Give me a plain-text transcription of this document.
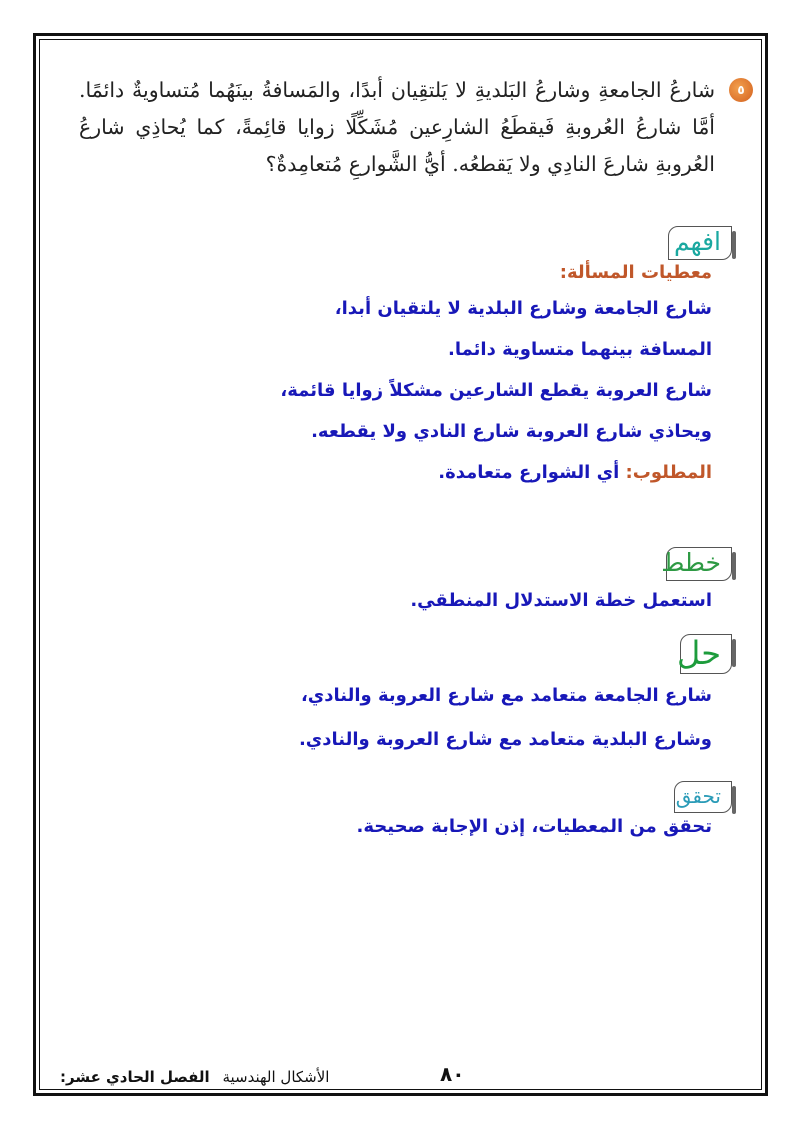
٥

شارعُ الجامعةِ وشارعُ البَلديةِ لا يَلتقِيان أبدًا، والمَسافةُ بينَهُما مُتساويةٌ دائمًا. أمَّا شارعُ العُروبةِ فَيقطَعُ الشارِعين مُشَكِّلًا زوايا قائِمةً، كما يُحاذِي شارعُ العُروبةِ شارعَ النادِي ولا يَقطعُه. أيُّ الشَّوارعِ مُتعامِدةٌ؟

افهم
معطيات المسألة:
شارع الجامعة وشارع البلدية لا يلتقيان أبدا،
المسافة بينهما متساوية دائما.
شارع العروبة يقطع الشارعين مشكلاً زوايا قائمة،
ويحاذي شارع العروبة شارع النادي ولا يقطعه.
المطلوب: أي الشوارع متعامدة.
خطط
استعمل خطة الاستدلال المنطقي.
حل
شارع الجامعة متعامد مع شارع العروبة والنادي،
وشارع البلدية متعامد مع شارع العروبة والنادي.
تحقق
تحقق من المعطيات، إذن الإجابة صحيحة.
الأشكال الهندسية الفصل الحادي عشر:	٨٠
